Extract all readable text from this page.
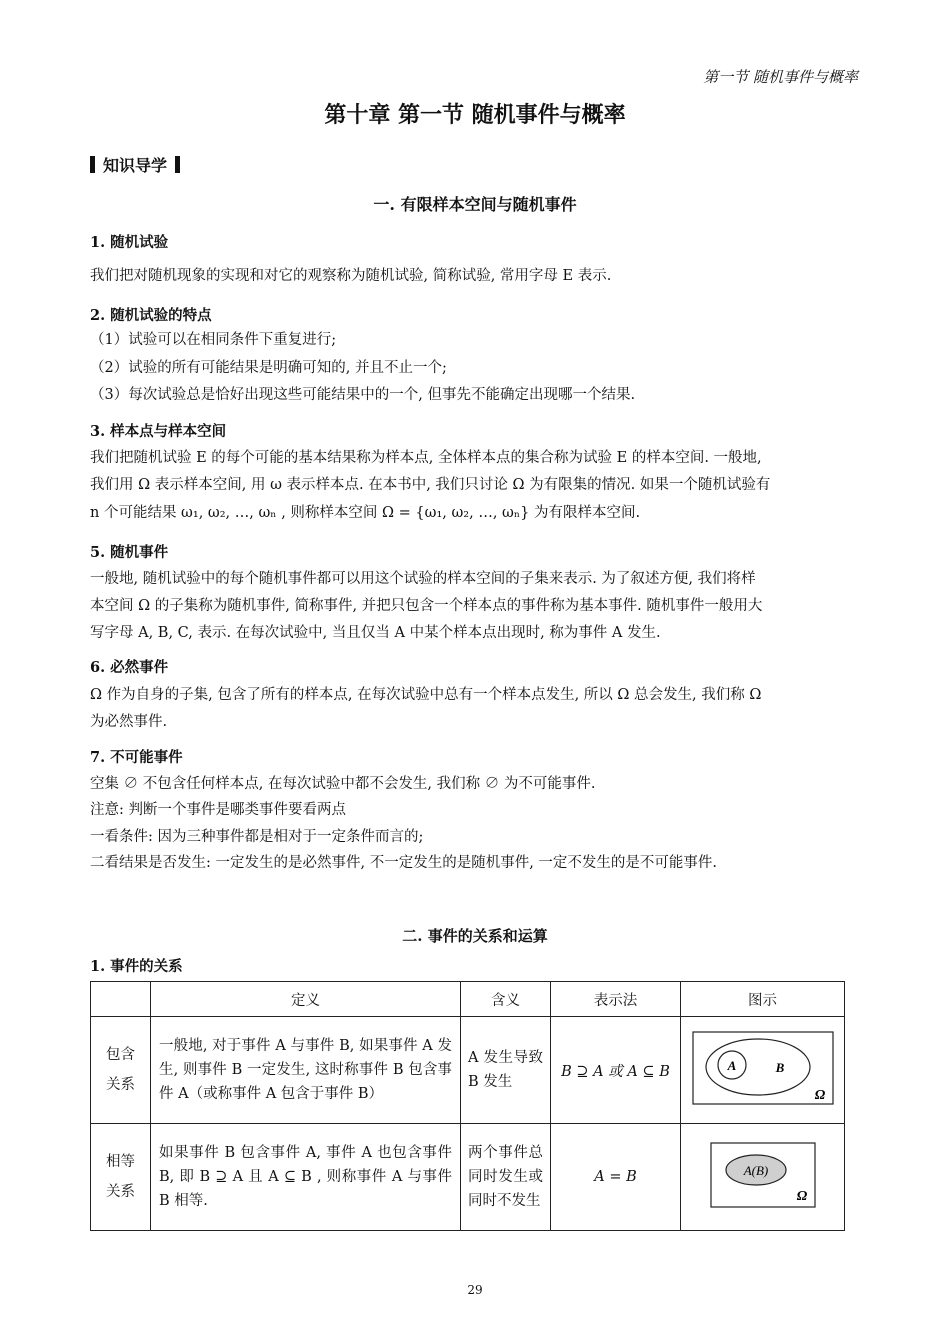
第一节 随机事件与概率
第十章 第一节 随机事件与概率
知识导学
一. 有限样本空间与随机事件
1. 随机试验
我们把对随机现象的实现和对它的观察称为随机试验, 简称试验, 常用字母 E 表示.
2. 随机试验的特点
（1）试验可以在相同条件下重复进行;
（2）试验的所有可能结果是明确可知的, 并且不止一个;
（3）每次试验总是恰好出现这些可能结果中的一个, 但事先不能确定出现哪一个结果.
3. 样本点与样本空间
我们把随机试验 E 的每个可能的基本结果称为样本点, 全体样本点的集合称为试验 E 的样本空间. 一般地,
我们用 Ω 表示样本空间, 用 ω 表示样本点. 在本书中, 我们只讨论 Ω 为有限集的情况. 如果一个随机试验有
n 个可能结果 ω₁, ω₂, …, ωₙ , 则称样本空间 Ω = {ω₁, ω₂, …, ωₙ} 为有限样本空间.
5. 随机事件
一般地, 随机试验中的每个随机事件都可以用这个试验的样本空间的子集来表示. 为了叙述方便, 我们将样
本空间 Ω 的子集称为随机事件, 简称事件, 并把只包含一个样本点的事件称为基本事件. 随机事件一般用大
写字母 A, B, C, 表示. 在每次试验中, 当且仅当 A 中某个样本点出现时, 称为事件 A 发生.
6. 必然事件
Ω 作为自身的子集, 包含了所有的样本点, 在每次试验中总有一个样本点发生, 所以 Ω 总会发生, 我们称 Ω
为必然事件.
7. 不可能事件
空集 ∅ 不包含任何样本点, 在每次试验中都不会发生, 我们称 ∅ 为不可能事件.
注意: 判断一个事件是哪类事件要看两点
一看条件: 因为三种事件都是相对于一定条件而言的;
二看结果是否发生: 一定发生的是必然事件, 不一定发生的是随机事件, 一定不发生的是不可能事件.
二. 事件的关系和运算
1. 事件的关系
	定义	含义	表示法	图示

包含
关系	一般地, 对于事件 A 与事件 B, 如果事件 A 发生, 则事件 B 一定发生, 这时称事件 B 包含事件 A（或称事件 A 包含于事件 B）	A 发生导致 B 发生	B ⊇ A 或 A ⊆ B	A B
Ω

相等
关系	如果事件 B 包含事件 A, 事件 A 也包含事件 B, 即 B ⊇ A 且 A ⊆ B , 则称事件 A 与事件 B 相等.	两个事件总同时发生或同时不发生	A = B	A(B)
Ω
29
